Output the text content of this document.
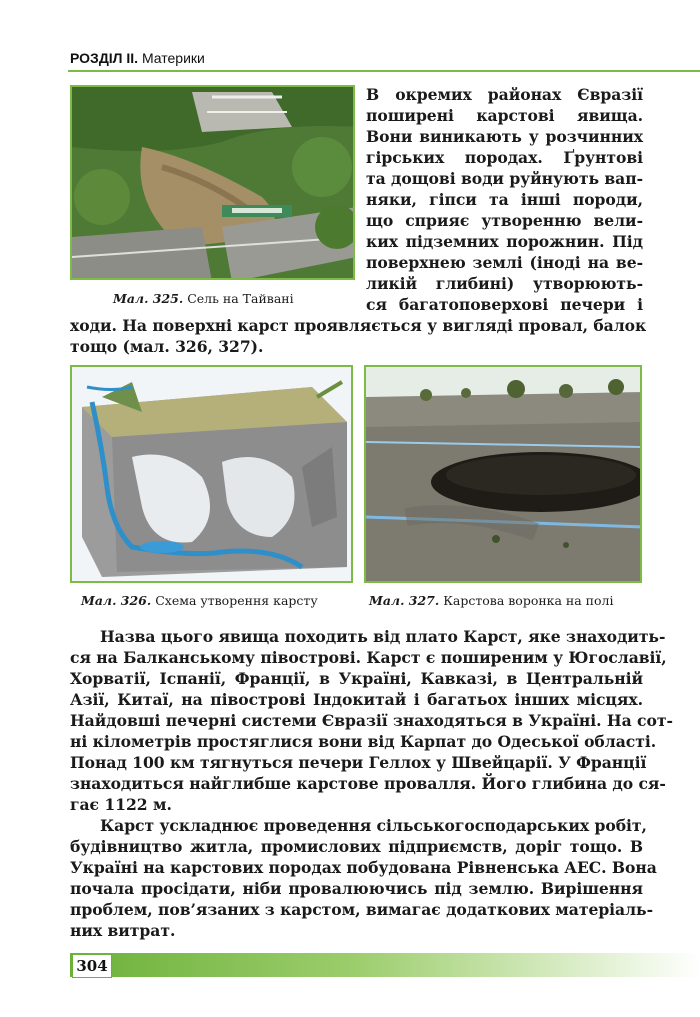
РОЗДІЛ ІІ. Материки
Мал. 325. Сель на Тайвані
В окремих районах Євразії
поширені карстові явища.
Вони виникають у розчинних
гірських породах. Ґрунтові
та дощові води руйнують вап-
няки, гіпси та інші породи,
що сприяє утворенню вели-
ких підземних порожнин. Під
поверхнею землі (іноді на ве-
ликій глибині) утворюють-
ся багатоповерхові печери і
ходи. На поверхні карст проявляється у вигляді провал, балок
тощо (мал. 326, 327).
Мал. 326. Схема утворення карсту	Мал. 327. Карстова воронка на полі
Назва цього явища походить від плато Карст, яке знаходить-
ся на Балканському півострові. Карст є поширеним у Югославії,
Хорватії, Іспанії, Франції, в Україні, Кавказі, в Центральній
Азії, Китаї, на півострові Індокитай і багатьох інших місцях.
Найдовші печерні системи Євразії знаходяться в Україні. На сот-
ні кілометрів простяглися вони від Карпат до Одеської області.
Понад 100 км тягнуться печери Геллох у Швейцарії. У Франції
знаходиться найглибше карстове провалля. Його глибина до ся-
гає 1122 м.
Карст ускладнює проведення сільськогосподарських робіт,
будівництво житла, промислових підприємств, доріг тощо. В
Україні на карстових породах побудована Рівненська АЕС. Вона
почала просідати, ніби провалюючись під землю. Вирішення
проблем, пов’язаних з карстом, вимагає додаткових матеріаль-
них витрат.
304
